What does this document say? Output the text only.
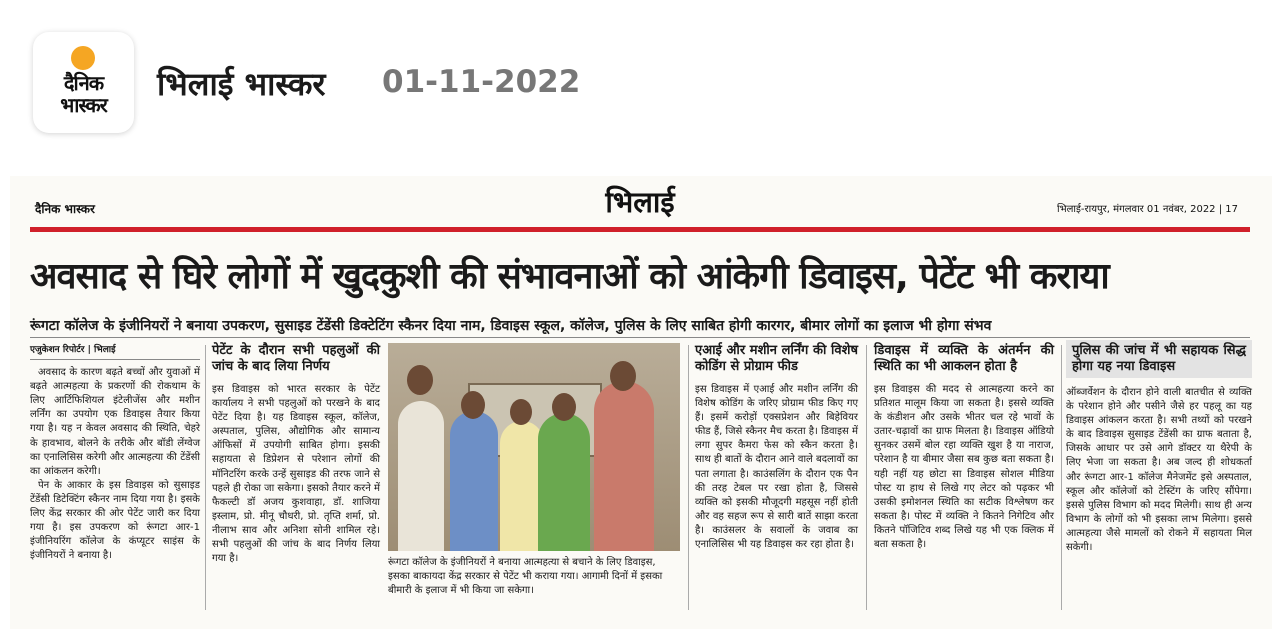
दैनिक
भास्कर
भिलाई भास्कर 01-11-2022
दैनिक भास्कर	भिलाई	भिलाई-रायपुर, मंगलवार 01 नवंबर, 2022 | 17
अवसाद से घिरे लोगों में खुदकुशी की संभावनाओं को आंकेगी डिवाइस, पेटेंट भी कराया
रूंगटा कॉलेज के इंजीनियरों ने बनाया उपकरण, सुसाइड टेंडेंसी डिक्टेटिंग स्कैनर दिया नाम, डिवाइस स्कूल, कॉलेज, पुलिस के लिए साबित होगी कारगर, बीमार लोगों का इलाज भी होगा संभव
एजुकेशन रिपोर्टर | भिलाई

अवसाद के कारण बढ़ते बच्चों और युवाओं में बढ़ते आत्महत्या के प्रकरणों की रोकथाम के लिए आर्टिफिशियल इंटेलीजेंस और मशीन लर्निंग का उपयोग एक डिवाइस तैयार किया गया है। यह न केवल अवसाद की स्थिति, चेहरे के हावभाव, बोलने के तरीके और बॉडी लेंग्वेज का एनालिसिस करेगी और आत्महत्या की टेंडेंसी का आंकलन करेगी।

पेन के आकार के इस डिवाइस को सुसाइड टेंडेंसी डिटेक्टिंग स्कैनर नाम दिया गया है। इसके लिए केंद्र सरकार की ओर पेटेंट जारी कर दिया गया है। इस उपकरण को रूंगटा आर-1 इंजीनियरिंग कॉलेज के कंप्यूटर साइंस के इंजीनियरों ने बनाया है।

पेटेंट के दौरान सभी पहलुओं की जांच के बाद लिया निर्णय
इस डिवाइस को भारत सरकार के पेटेंट कार्यालय ने सभी पहलुओं को परखने के बाद पेटेंट दिया है। यह डिवाइस स्कूल, कॉलेज, अस्पताल, पुलिस, औद्योगिक और सामान्य ऑफिसों में उपयोगी साबित होगा। इसकी सहायता से डिप्रेशन से परेशान लोगों की मॉनिटरिंग करके उन्हें सुसाइड की तरफ जाने से पहले ही रोका जा सकेगा। इसको तैयार करने में फैकल्टी डॉ अजय कुशवाहा, डॉ. शाजिया इस्लाम, प्रो. मीनू चौधरी, प्रो. तृप्ति शर्मा, प्रो. नीलाभ साव और अनिशा सोनी शामिल रहे। सभी पहलुओं की जांच के बाद निर्णय लिया गया है।	रूंगटा कॉलेज के इंजीनियरों ने बनाया आत्महत्या से बचाने के लिए डिवाइस, इसका बाकायदा केंद्र सरकार से पेटेंट भी कराया गया। आगामी दिनों में इसका बीमारी के इलाज में भी किया जा सकेगा।
एआई और मशीन लर्निंग की विशेष कोडिंग से प्रोग्राम फीड
इस डिवाइस में एआई और मशीन लर्निंग की विशेष कोडिंग के जरिए प्रोग्राम फीड किए गए हैं। इसमें करोड़ों एक्सप्रेशन और बिहेवियर फीड हैं, जिसे स्कैनर मैच करता है। डिवाइस में लगा सुपर कैमरा फेस को स्कैन करता है। साथ ही बातों के दौरान आने वाले बदलावों का पता लगाता है। काउंसलिंग के दौरान एक पैन की तरह टेबल पर रखा होता है, जिससे व्यक्ति को इसकी मौजूदगी महसूस नहीं होती और वह सहज रूप से सारी बातें साझा करता है। काउंसलर के सवालों के जवाब का एनालिसिस भी यह डिवाइस कर रहा होता है।
डिवाइस में व्यक्ति के अंतर्मन की स्थिति का भी आकलन होता है
इस डिवाइस की मदद से आत्महत्या करने का प्रतिशत मालूम किया जा सकता है। इससे व्यक्ति के कंडीशन और उसके भीतर चल रहे भावों के उतार-चढ़ावों का ग्राफ मिलता है। डिवाइस ऑडियो सुनकर उसमें बोल रहा व्यक्ति खुश है या नाराज, परेशान है या बीमार जैसा सब कुछ बता सकता है। यही नहीं यह छोटा सा डिवाइस सोशल मीडिया पोस्ट या हाथ से लिखे गए लेटर को पढ़कर भी उसकी इमोशनल स्थिति का सटीक विश्लेषण कर सकता है। पोस्ट में व्यक्ति ने कितने निगेटिव और कितने पॉजिटिव शब्द लिखे यह भी एक क्लिक में बता सकता है।
पुलिस की जांच में भी सहायक सिद्ध होगा यह नया डिवाइस
ऑब्जर्वेशन के दौरान होने वाली बातचीत से व्यक्ति के परेशान होने और पसीने जैसे हर पहलू का यह डिवाइस आंकलन करता है। सभी तथ्यों को परखने के बाद डिवाइस सुसाइड टेंडेंसी का ग्राफ बताता है, जिसके आधार पर उसे आगे डॉक्टर या थैरेपी के लिए भेजा जा सकता है। अब जल्द ही शोधकर्ता और रूंगटा आर-1 कॉलेज मैनेजमेंट इसे अस्पताल, स्कूल और कॉलेजों को टेस्टिंग के जरिए सौंपेगा। इससे पुलिस विभाग को मदद मिलेगी। साथ ही अन्य विभाग के लोगों को भी इसका लाभ मिलेगा। इससे आत्महत्या जैसे मामलों को रोकने में सहायता मिल सकेगी।
